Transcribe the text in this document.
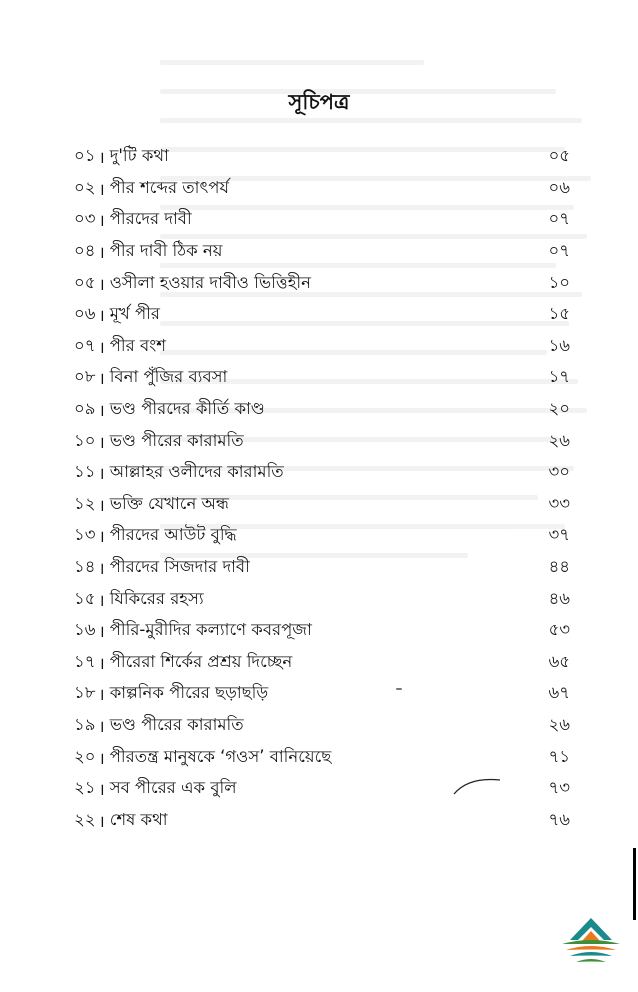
সূচিপত্র
০১ । দু'টি কথা	০৫
০২ । পীর শব্দের তাৎপর্য	০৬
০৩ । পীরদের দাবী	০৭
০৪ । পীর দাবী ঠিক নয়	০৭
০৫ । ওসীলা হওয়ার দাবীও ভিত্তিহীন	১০
০৬ । মূর্খ পীর	১৫
০৭ । পীর বংশ	১৬
০৮ । বিনা পুঁজির ব্যবসা	১৭
০৯ । ভণ্ড পীরদের কীর্তি কাণ্ড	২০
১০ । ভণ্ড পীরের কারামতি	২৬
১১ । আল্লাহর ওলীদের কারামতি	৩০
১২ । ভক্তি যেখানে অন্ধ	৩৩
১৩ । পীরদের আউট বুদ্ধি	৩৭
১৪ । পীরদের সিজদার দাবী	৪৪
১৫ । যিকিরের রহস্য	৪৬
১৬ । পীরি-মুরীদির কল্যাণে কবরপূজা	৫৩
১৭ । পীরেরা শির্কের প্রশ্রয় দিচ্ছেন	৬৫
১৮ । কাল্পনিক পীরের ছড়াছড়ি	৬৭
১৯ । ভণ্ড পীরের কারামতি	২৬
২০ । পীরতন্ত্র মানুষকে ‘গওস’ বানিয়েছে	৭১
২১ । সব পীরের এক বুলি	৭৩
২২ । শেষ কথা	৭৬
